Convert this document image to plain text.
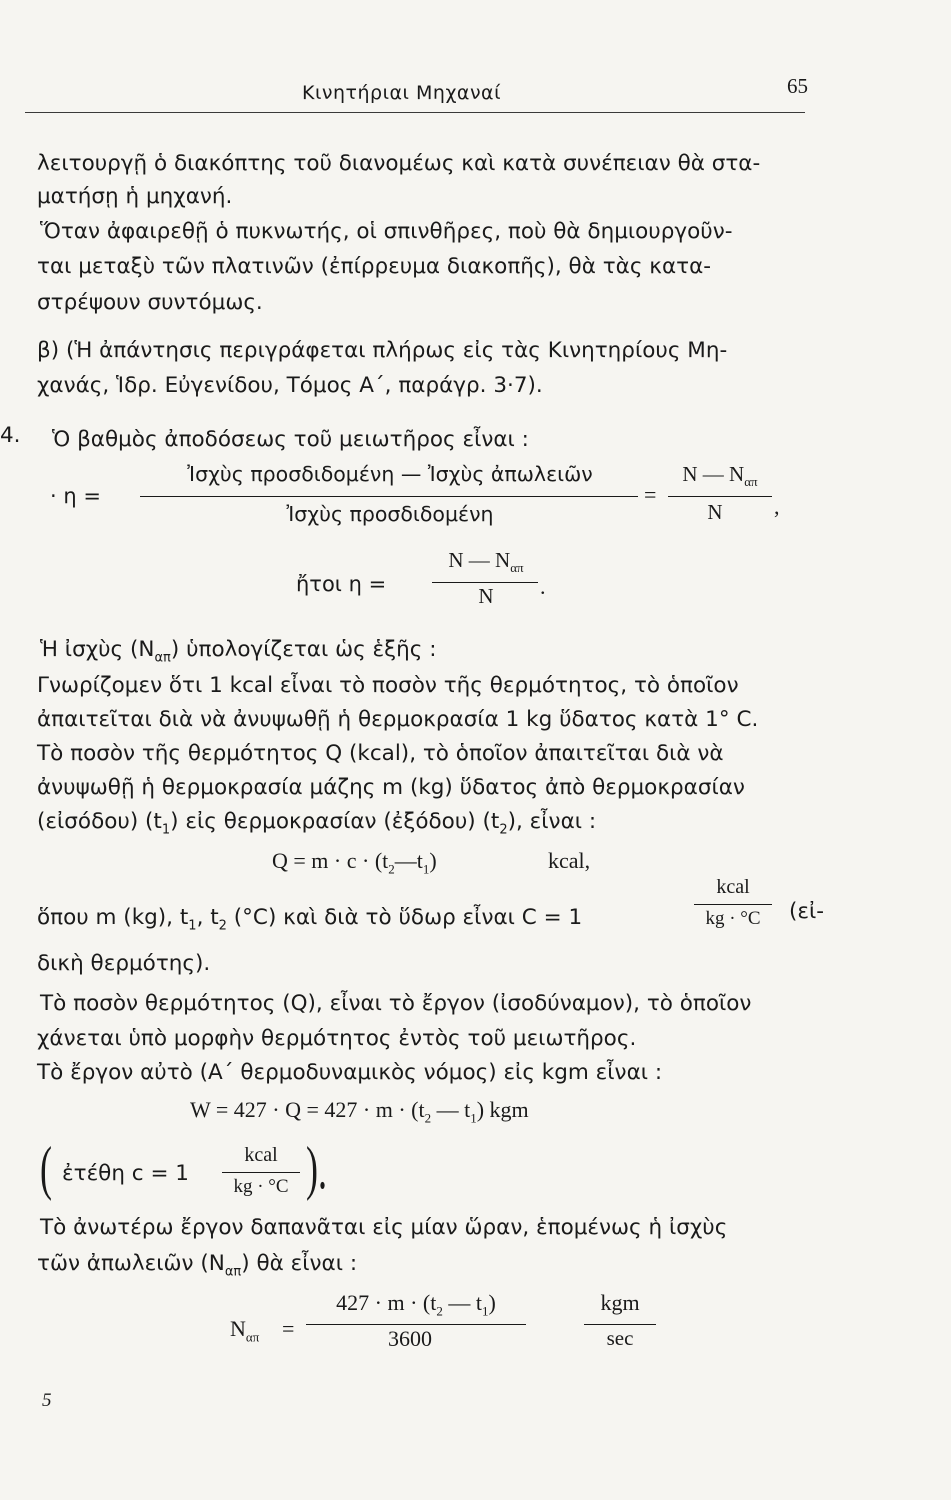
Κινητήριαι Μηχαναί	65
λειτουργῇ ὁ διακόπτης τοῦ διανομέως καὶ κατὰ συνέπειαν θὰ στα-
ματήσῃ ἡ μηχανή.
Ὅταν ἀφαιρεθῇ ὁ πυκνωτής, οἱ σπινθῆρες, ποὺ θὰ δημιουργοῦν-
ται μεταξὺ τῶν πλατινῶν (ἐπίρρευμα διακοπῆς), θὰ τὰς κατα-
στρέψουν συντόμως.
β) (Ἡ ἀπάντησις περιγράφεται πλήρως εἰς τὰς Κινητηρίους Μη-
χανάς, Ἱδρ. Εὐγενίδου, Τόμος Α΄, παράγρ. 3·7).
4. Ὁ βαθμὸς ἀποδόσεως τοῦ μειωτῆρος εἶναι :
· η =
Ἰσχὺς προσδιδομένη — Ἰσχὺς ἀπωλειῶν
Ἰσχὺς προσδιδομένη
=
N — $N_{\alpha\pi}$
N	,
ἤτοι η =
N — $N_{\alpha\pi}$
N	.
Ἡ ἰσχὺς $(N_{\alpha\pi})$ ὑπολογίζεται ὡς ἑξῆς :
Γνωρίζομεν ὅτι 1 kcal εἶναι τὸ ποσὸν τῆς θερμότητος, τὸ ὁποῖον
ἀπαιτεῖται διὰ νὰ ἀνυψωθῇ ἡ θερμοκρασία 1 kg ὕδατος κατὰ 1° C.
Τὸ ποσὸν τῆς θερμότητος Q (kcal), τὸ ὁποῖον ἀπαιτεῖται διὰ νὰ
ἀνυψωθῇ ἡ θερμοκρασία μάζης m (kg) ὕδατος ἀπὸ θερμοκρασίαν
(εἰσόδου) $(t_1)$ εἰς θερμοκρασίαν (ἐξόδου) $(t_2)$, εἶναι :
$Q = m \cdot c \cdot (t_2—t_1)$	kcal,
ὅπου m (kg), $t_1$, $t_2$ (°C) καὶ διὰ τὸ ὕδωρ εἶναι C = 1
kcal
kg · °C	(εἰ-
δικὴ θερμότης).
Τὸ ποσὸν θερμότητος (Q), εἶναι τὸ ἔργον (ἰσοδύναμον), τὸ ὁποῖον
χάνεται ὑπὸ μορφὴν θερμότητος ἐντὸς τοῦ μειωτῆρος.
Τὸ ἔργον αὐτὸ (Α΄ θερμοδυναμικὸς νόμος) εἰς kgm εἶναι :
$W = 427 \cdot Q = 427 \cdot m \cdot (t_2$ — $t_1$) kgm
( ἐτέθη c = 1
kcal
kg · °C ).
Τὸ ἀνωτέρω ἔργον δαπανᾶται εἰς μίαν ὥραν, ἑπομένως ἡ ἰσχὺς
τῶν ἀπωλειῶν $(N_{\alpha\pi})$ θὰ εἶναι :
$N_{\alpha\pi}$ =
$427 \cdot m \cdot (t_2$ — $t_1$)
3600
kgm
sec
5
